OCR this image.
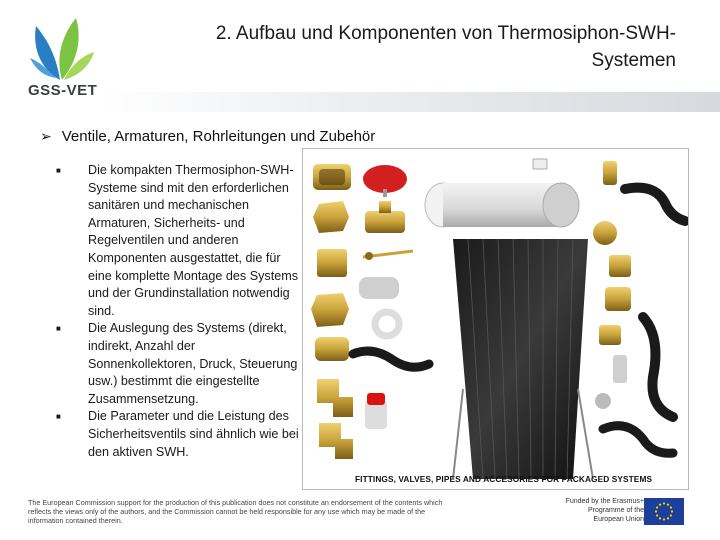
GSS-VET
2. Aufbau und Komponenten von Thermosiphon-SWH-Systemen
➢ Ventile, Armaturen, Rohrleitungen und Zubehör
■	Die kompakten Thermosiphon-SWH-Systeme sind mit den erforderlichen sanitären und mechanischen Armaturen, Sicherheits- und Regelventilen und anderen Komponenten ausgestattet, die für eine komplette Montage des Systems und der Grundinstallation notwendig sind.
■	Die Auslegung des Systems (direkt, indirekt, Anzahl der Sonnenkollektoren, Druck, Steuerung usw.) bestimmt die eingestellte Zusammensetzung.
■	Die Parameter und die Leistung des Sicherheitsventils sind ähnlich wie bei den aktiven SWH.
FITTINGS, VALVES, PIPES AND ACCESORIES FOR PACKAGED SYSTEMS
The European Commission support for the production of this publication does not constitute an endorsement of the contents which reflects the views only of the authors, and the Commission cannot be held responsible for any use which may be made of the information contained therein.
Funded by the Erasmus+ Programme of the European Union
